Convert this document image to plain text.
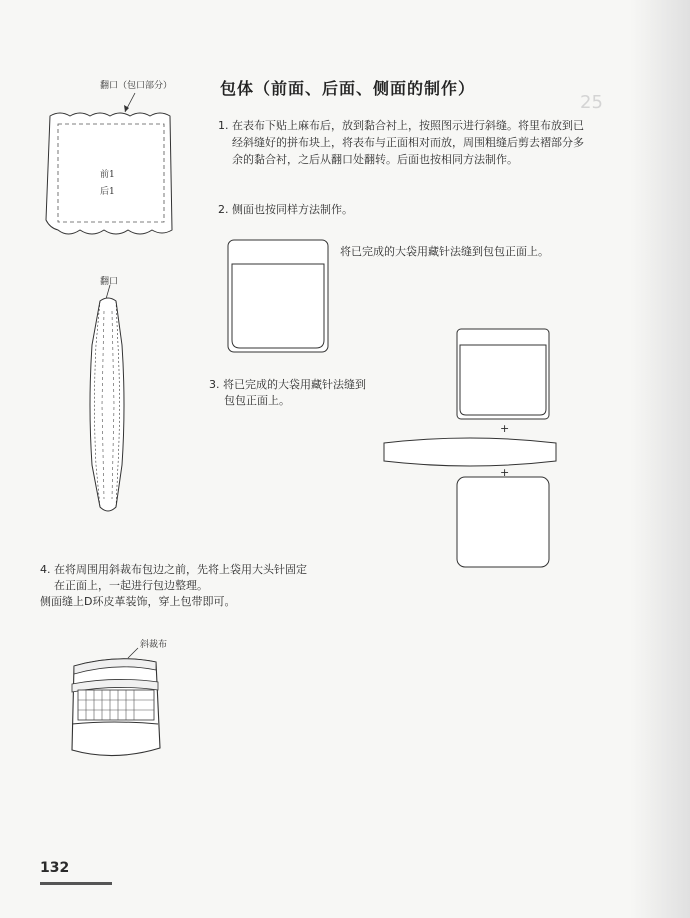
25
包体（前面、后面、侧面的制作）
1. 在表布下贴上麻布后，放到黏合衬上，按照图示进行斜缝。将里布放到已
经斜缝好的拼布块上，将表布与正面相对而放，周围粗缝后剪去褶部分多
余的黏合衬，之后从翻口处翻转。后面也按相同方法制作。
2. 侧面也按同样方法制作。
3. 将已完成的大袋用藏针法缝到
包包正面上。
4. 在将周围用斜裁布包边之前，先将上袋用大头针固定
在正面上，一起进行包边整理。
侧面缝上D环皮革装饰，穿上包带即可。
翻口（包口部分）
前1
后1
翻口
将已完成的大袋用藏针法缝到包包正面上。
+
+
斜裁布
132
